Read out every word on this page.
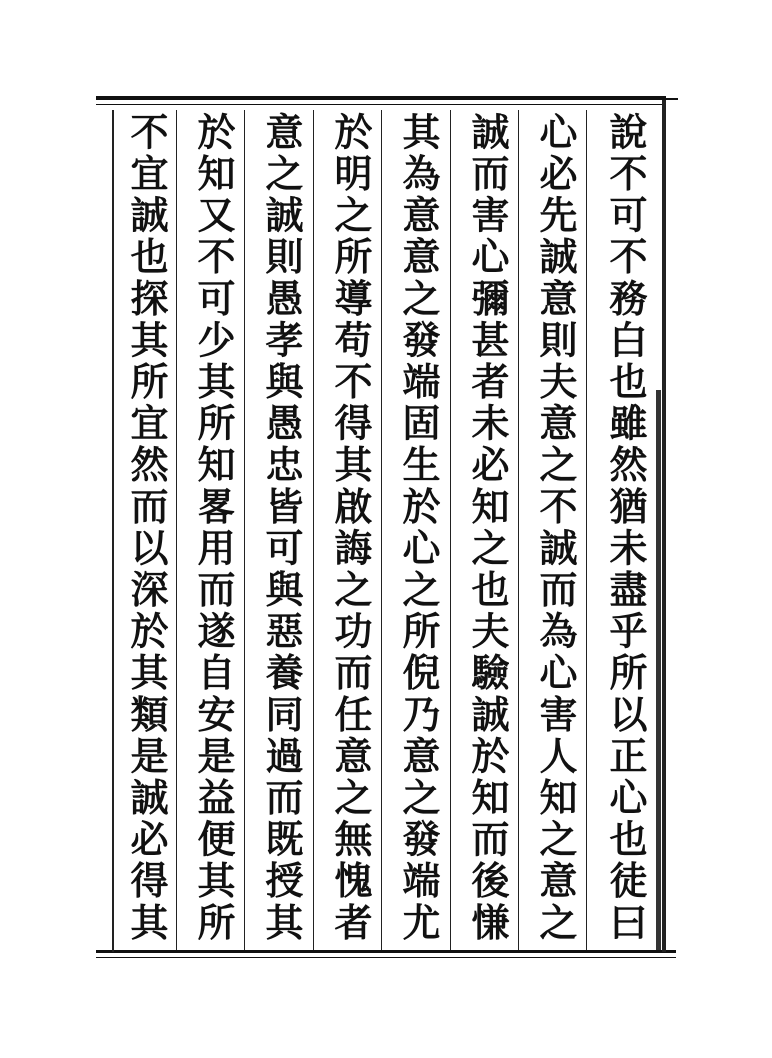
說不可不務白也雖然猶未盡乎所以正心也徒曰
心必先誠意則夫意之不誠而為心害人知之意之
誠而害心彌甚者未必知之也夫驗誠於知而後慊
其為意意之發端固生於心之所倪乃意之發端尤
於明之所導苟不得其啟誨之功而任意之無愧者
意之誠則愚孝與愚忠皆可與惡養同過而既授其
於知又不可少其所知畧用而遂自安是益便其所
不宜誠也探其所宜然而以深於其類是誠必得其
